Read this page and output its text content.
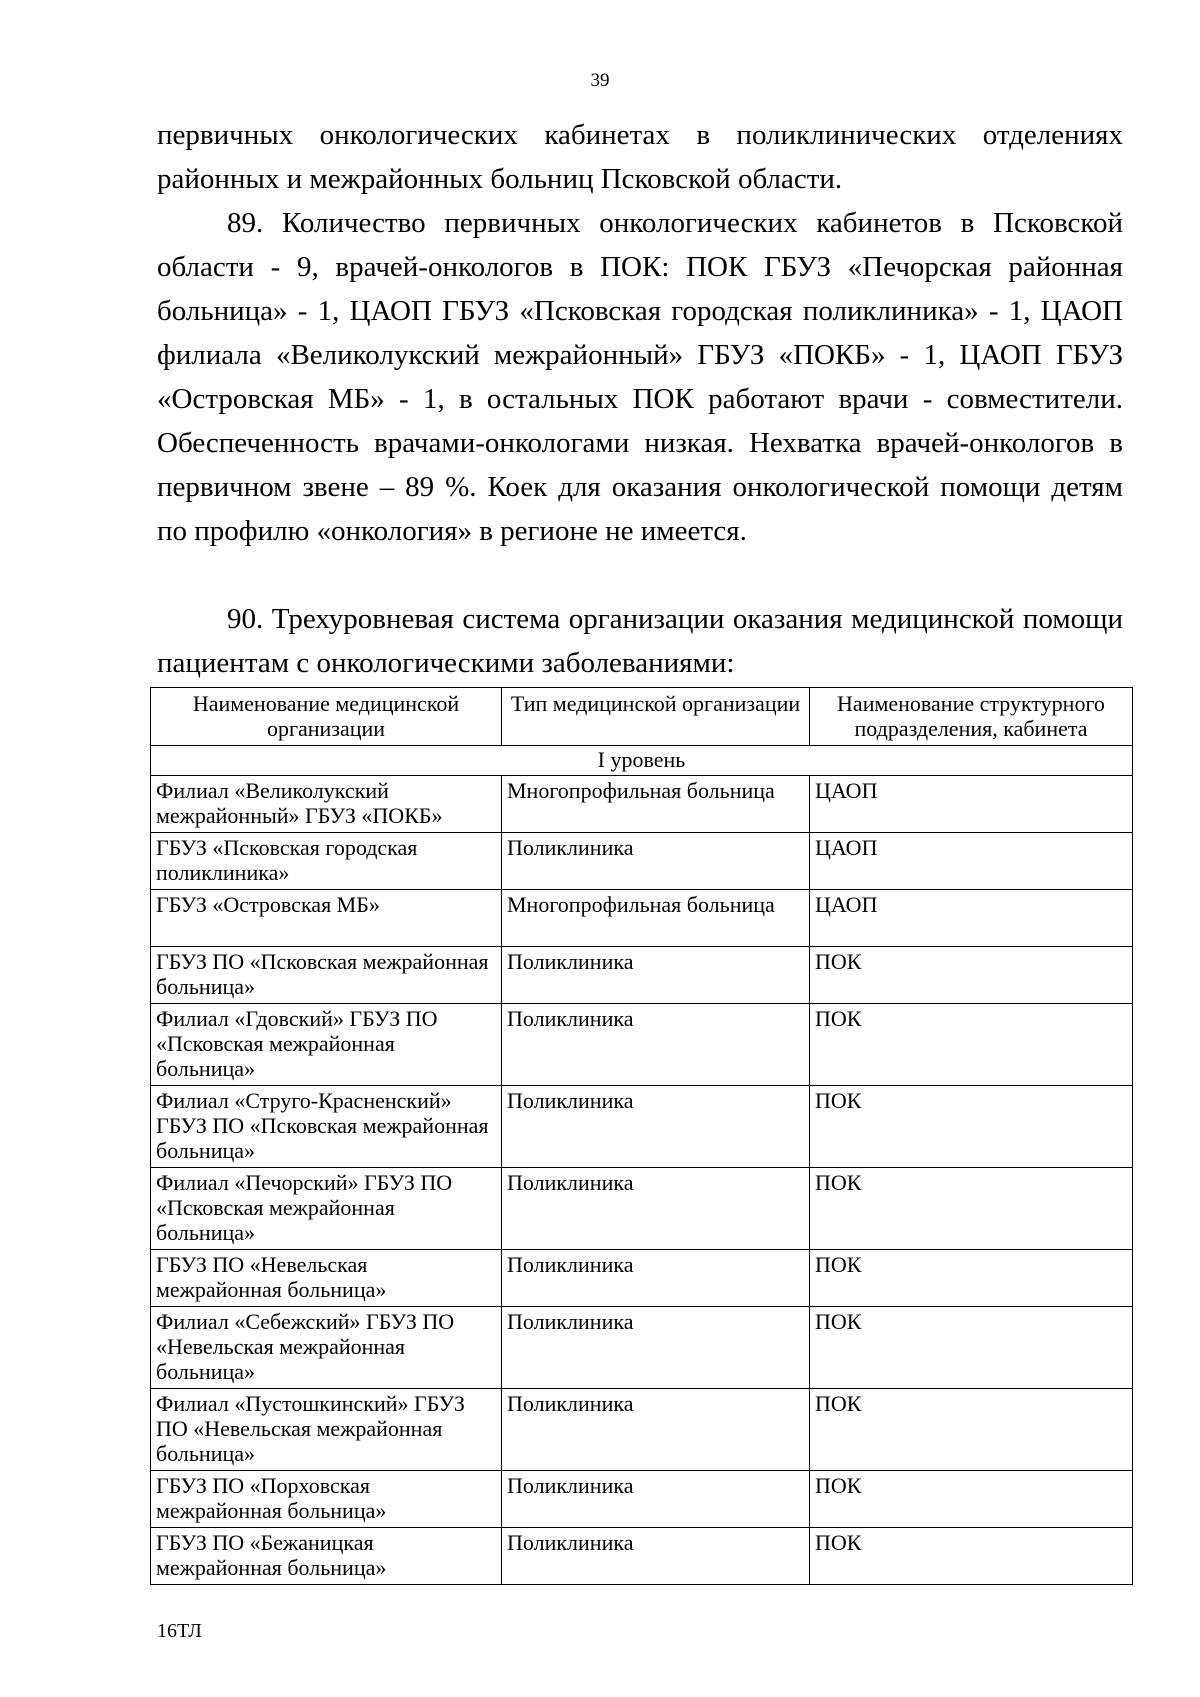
39

первичных онкологических кабинетах в поликлинических отделениях районных и межрайонных больниц Псковской области.

89. Количество первичных онкологических кабинетов в Псковской области - 9, врачей-онкологов в ПОК: ПОК ГБУЗ «Печорская районная больница» - 1, ЦАОП ГБУЗ «Псковская городская поликлиника» - 1, ЦАОП филиала «Великолукский межрайонный» ГБУЗ «ПОКБ» - 1, ЦАОП ГБУЗ «Островская МБ» - 1, в остальных ПОК работают врачи - совместители. Обеспеченность врачами-онкологами низкая. Нехватка врачей-онкологов в первичном звене – 89 %. Коек для оказания онкологической помощи детям по профилю «онкология» в регионе не имеется.

90. Трехуровневая система организации оказания медицинской помощи пациентам с онкологическими заболеваниями:

Наименование медицинской организации	Тип медицинской организации	Наименование структурного подразделения, кабинета
I уровень		
Филиал «Великолукский межрайонный» ГБУЗ «ПОКБ»	Многопрофильная больница	ЦАОП
ГБУЗ «Псковская городская поликлиника»	Поликлиника	ЦАОП
ГБУЗ «Островская МБ»	Многопрофильная больница	ЦАОП
ГБУЗ ПО «Псковская межрайонная больница»	Поликлиника	ПОК
Филиал «Гдовский» ГБУЗ ПО «Псковская межрайонная больница»	Поликлиника	ПОК
Филиал «Струго-Красненский» ГБУЗ ПО «Псковская межрайонная больница»	Поликлиника	ПОК
Филиал «Печорский» ГБУЗ ПО «Псковская межрайонная больница»	Поликлиника	ПОК
ГБУЗ ПО «Невельская межрайонная больница»	Поликлиника	ПОК
Филиал «Себежский» ГБУЗ ПО «Невельская межрайонная больница»	Поликлиника	ПОК
Филиал «Пустошкинский» ГБУЗ ПО «Невельская межрайонная больница»	Поликлиника	ПОК
ГБУЗ ПО «Порховская межрайонная больница»	Поликлиника	ПОК
ГБУЗ ПО «Бежаницкая межрайонная больница»	Поликлиника	ПОК
16ТЛ
